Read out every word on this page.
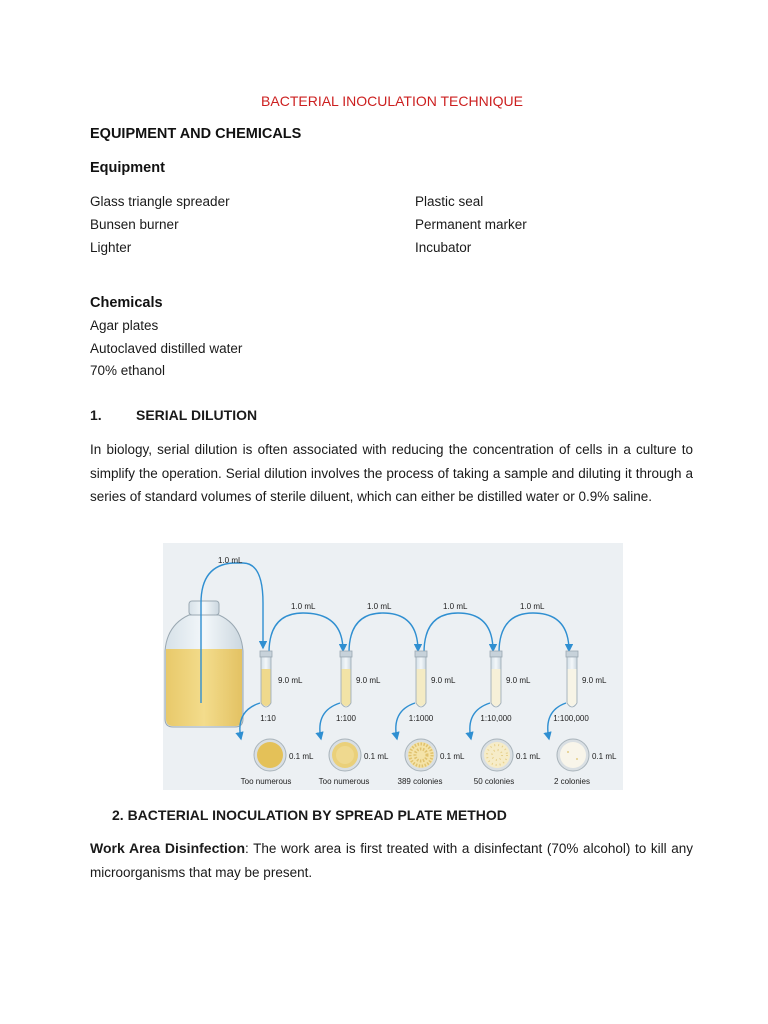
BACTERIAL INOCULATION TECHNIQUE
EQUIPMENT AND CHEMICALS
Equipment
Glass triangle spreader
Bunsen burner
Lighter
Plastic seal
Permanent marker
Incubator
Chemicals
Agar plates
Autoclaved distilled water
70% ethanol
1. SERIAL DILUTION
In biology, serial dilution is often associated with reducing the concentration of cells in a culture to simplify the operation. Serial dilution involves the process of taking a sample and diluting it through a series of standard volumes of sterile diluent, which can either be distilled water or 0.9% saline.
1.0 mL
1.0 mL	1.0 mL	1.0 mL	1.0 mL
9.0 mL	9.0 mL	9.0 mL	9.0 mL	9.0 mL
1:10	1:100	1:1000	1:10,000	1:100,000
0.1 mL	0.1 mL	0.1 mL	0.1 mL	0.1 mL
Too numerous	Too numerous	389 colonies	50 colonies	2 colonies
2. BACTERIAL INOCULATION BY SPREAD PLATE METHOD
Work Area Disinfection: The work area is first treated with a disinfectant (70% alcohol) to kill any microorganisms that may be present.
